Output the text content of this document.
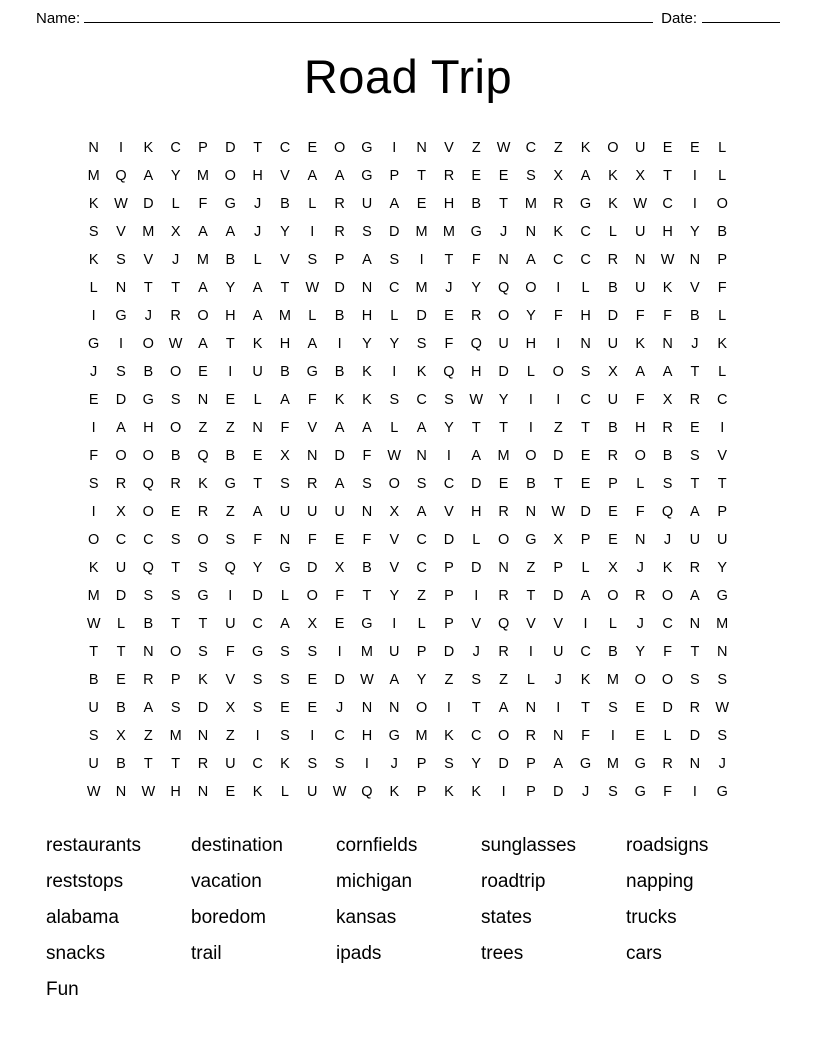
Name:	Date:
Road Trip
N	I	K	C	P	D	T	C	E	O	G	I	N	V	Z	W	C	Z	K	O	U	E	E	L
M	Q	A	Y	M	O	H	V	A	A	G	P	T	R	E	E	S	X	A	K	X	T	I	L
K	W	D	L	F	G	J	B	L	R	U	A	E	H	B	T	M	R	G	K	W	C	I	O
S	V	M	X	A	A	J	Y	I	R	S	D	M	M	G	J	N	K	C	L	U	H	Y	B
K	S	V	J	M	B	L	V	S	P	A	S	I	T	F	N	A	C	C	R	N	W	N	P
L	N	T	T	A	Y	A	T	W	D	N	C	M	J	Y	Q	O	I	L	B	U	K	V	F
I	G	J	R	O	H	A	M	L	B	H	L	D	E	R	O	Y	F	H	D	F	F	B	L
G	I	O	W	A	T	K	H	A	I	Y	Y	S	F	Q	U	H	I	N	U	K	N	J	K
J	S	B	O	E	I	U	B	G	B	K	I	K	Q	H	D	L	O	S	X	A	A	T	L
E	D	G	S	N	E	L	A	F	K	K	S	C	S	W	Y	I	I	C	U	F	X	R	C
I	A	H	O	Z	Z	N	F	V	A	A	L	A	Y	T	T	I	Z	T	B	H	R	E	I
F	O	O	B	Q	B	E	X	N	D	F	W	N	I	A	M	O	D	E	R	O	B	S	V
S	R	Q	R	K	G	T	S	R	A	S	O	S	C	D	E	B	T	E	P	L	S	T	T
I	X	O	E	R	Z	A	U	U	U	N	X	A	V	H	R	N	W	D	E	F	Q	A	P
O	C	C	S	O	S	F	N	F	E	F	V	C	D	L	O	G	X	P	E	N	J	U	U
K	U	Q	T	S	Q	Y	G	D	X	B	V	C	P	D	N	Z	P	L	X	J	K	R	Y
M	D	S	S	G	I	D	L	O	F	T	Y	Z	P	I	R	T	D	A	O	R	O	A	G
W	L	B	T	T	U	C	A	X	E	G	I	L	P	V	Q	V	V	I	L	J	C	N	M
T	T	N	O	S	F	G	S	S	I	M	U	P	D	J	R	I	U	C	B	Y	F	T	N
B	E	R	P	K	V	S	S	E	D	W	A	Y	Z	S	Z	L	J	K	M	O	O	S	S
U	B	A	S	D	X	S	E	E	J	N	N	O	I	T	A	N	I	T	S	E	D	R	W
S	X	Z	M	N	Z	I	S	I	C	H	G	M	K	C	O	R	N	F	I	E	L	D	S
U	B	T	T	R	U	C	K	S	S	I	J	P	S	Y	D	P	A	G	M	G	R	N	J
W	N	W	H	N	E	K	L	U	W	Q	K	P	K	K	I	P	D	J	S	G	F	I	G
restaurants
reststops
alabama
snacks
Fun
destination
vacation
boredom
trail
cornfields
michigan
kansas
ipads
sunglasses
roadtrip
states
trees
roadsigns
napping
trucks
cars
